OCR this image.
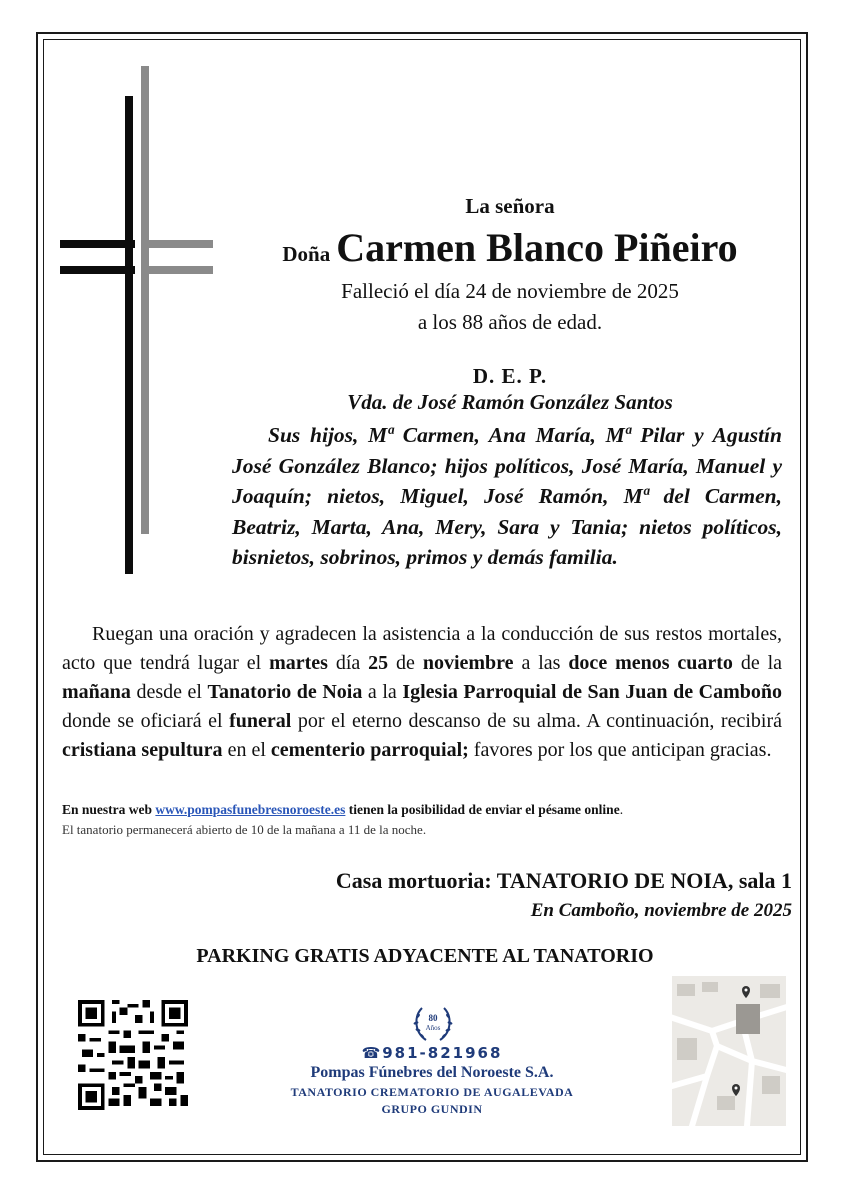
La señora
Doña Carmen Blanco Piñeiro
Falleció el día 24 de noviembre de 2025
a los 88 años de edad.
D. E. P.
Vda. de José Ramón González Santos
Sus hijos, Mª Carmen, Ana María, Mª Pilar y Agustín José González Blanco; hijos políticos, José María, Manuel y Joaquín; nietos, Miguel, José Ramón, Mª del Carmen, Beatriz, Marta, Ana, Mery, Sara y Tania; nietos políticos, bisnietos, sobrinos, primos y demás familia.
Ruegan una oración y agradecen la asistencia a la conducción de sus restos mortales, acto que tendrá lugar el martes día 25 de noviembre a las doce menos cuarto de la mañana desde el Tanatorio de Noia a la Iglesia Parroquial de San Juan de Camboño donde se oficiará el funeral por el eterno descanso de su alma. A continuación, recibirá cristiana sepultura en el cementerio parroquial; favores por los que anticipan gracias.
En nuestra web www.pompasfunebresnoroeste.es tienen la posibilidad de enviar el pésame online.
El tanatorio permanecerá abierto de 10 de la mañana a 11 de la noche.
Casa mortuoria: TANATORIO DE NOIA, sala 1
En Camboño, noviembre de 2025
PARKING GRATIS ADYACENTE AL TANATORIO
80
Años
☎981-821968
Pompas Fúnebres del Noroeste S.A.
TANATORIO CREMATORIO DE AUGALEVADA
GRUPO GUNDIN
